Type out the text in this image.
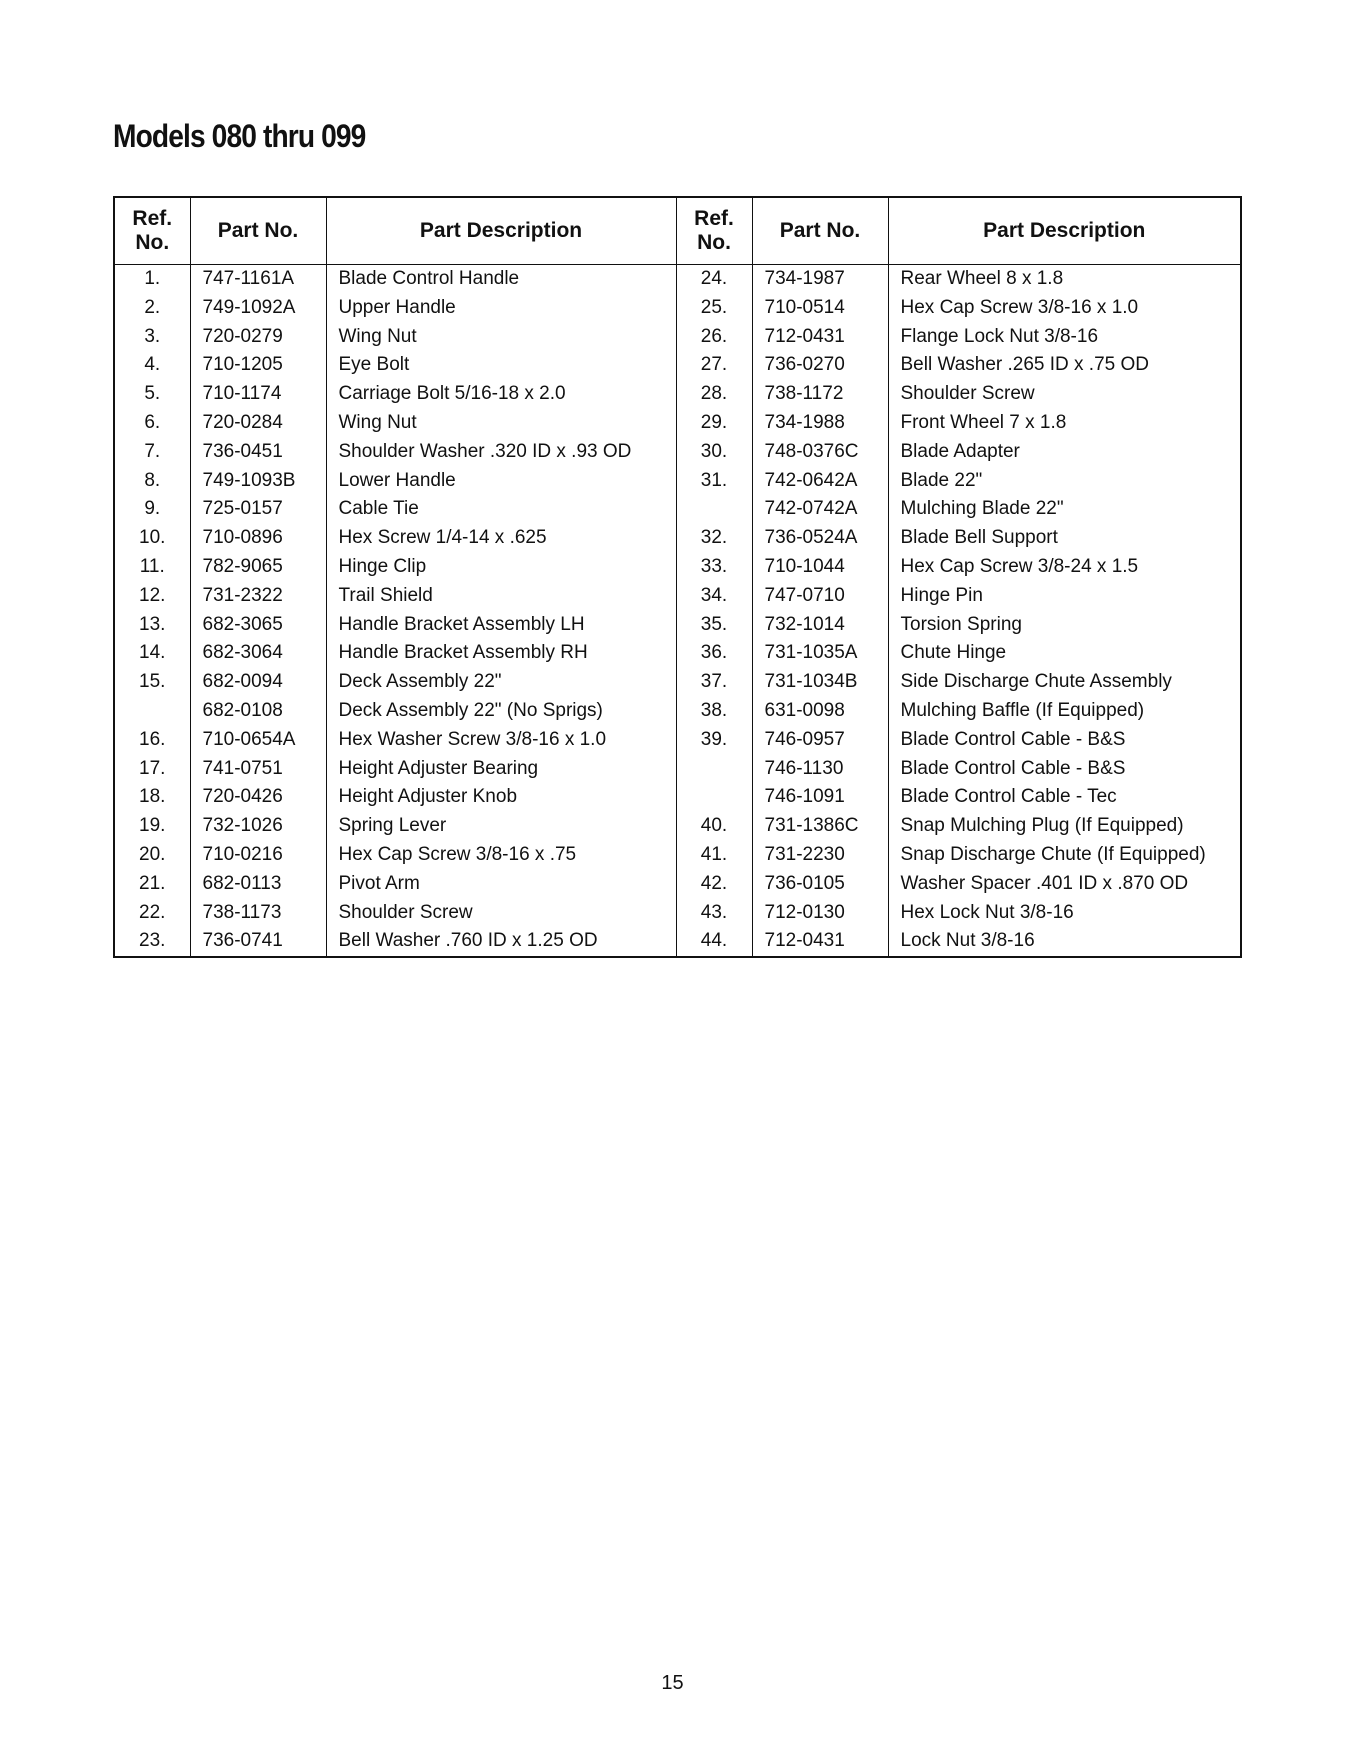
Models 080 thru 099
Ref. No.	Part No.	Part Description	Ref. No.	Part No.	Part Description
1.	747-1161A	Blade Control Handle	24.	734-1987	Rear Wheel 8 x 1.8
2.	749-1092A	Upper Handle	25.	710-0514	Hex Cap Screw 3/8-16 x 1.0
3.	720-0279	Wing Nut	26.	712-0431	Flange Lock Nut 3/8-16
4.	710-1205	Eye Bolt	27.	736-0270	Bell Washer .265 ID x .75 OD
5.	710-1174	Carriage Bolt 5/16-18 x 2.0	28.	738-1172	Shoulder Screw
6.	720-0284	Wing Nut	29.	734-1988	Front Wheel 7 x 1.8
7.	736-0451	Shoulder Washer .320 ID x .93 OD	30.	748-0376C	Blade Adapter
8.	749-1093B	Lower Handle	31.	742-0642A	Blade 22"
9.	725-0157	Cable Tie		742-0742A	Mulching Blade 22"
10.	710-0896	Hex Screw 1/4-14 x .625	32.	736-0524A	Blade Bell Support
11.	782-9065	Hinge Clip	33.	710-1044	Hex Cap Screw 3/8-24 x 1.5
12.	731-2322	Trail Shield	34.	747-0710	Hinge Pin
13.	682-3065	Handle Bracket Assembly LH	35.	732-1014	Torsion Spring
14.	682-3064	Handle Bracket Assembly RH	36.	731-1035A	Chute Hinge
15.	682-0094	Deck Assembly 22"	37.	731-1034B	Side Discharge Chute Assembly
	682-0108	Deck Assembly 22" (No Sprigs)	38.	631-0098	Mulching Baffle (If Equipped)
16.	710-0654A	Hex Washer Screw 3/8-16 x 1.0	39.	746-0957	Blade Control Cable - B&S
17.	741-0751	Height Adjuster Bearing		746-1130	Blade Control Cable - B&S
18.	720-0426	Height Adjuster Knob		746-1091	Blade Control Cable - Tec
19.	732-1026	Spring Lever	40.	731-1386C	Snap Mulching Plug (If Equipped)
20.	710-0216	Hex Cap Screw 3/8-16 x .75	41.	731-2230	Snap Discharge Chute (If Equipped)
21.	682-0113	Pivot Arm	42.	736-0105	Washer Spacer .401 ID x .870 OD
22.	738-1173	Shoulder Screw	43.	712-0130	Hex Lock Nut 3/8-16
23.	736-0741	Bell Washer .760 ID x 1.25 OD	44.	712-0431	Lock Nut 3/8-16
15
